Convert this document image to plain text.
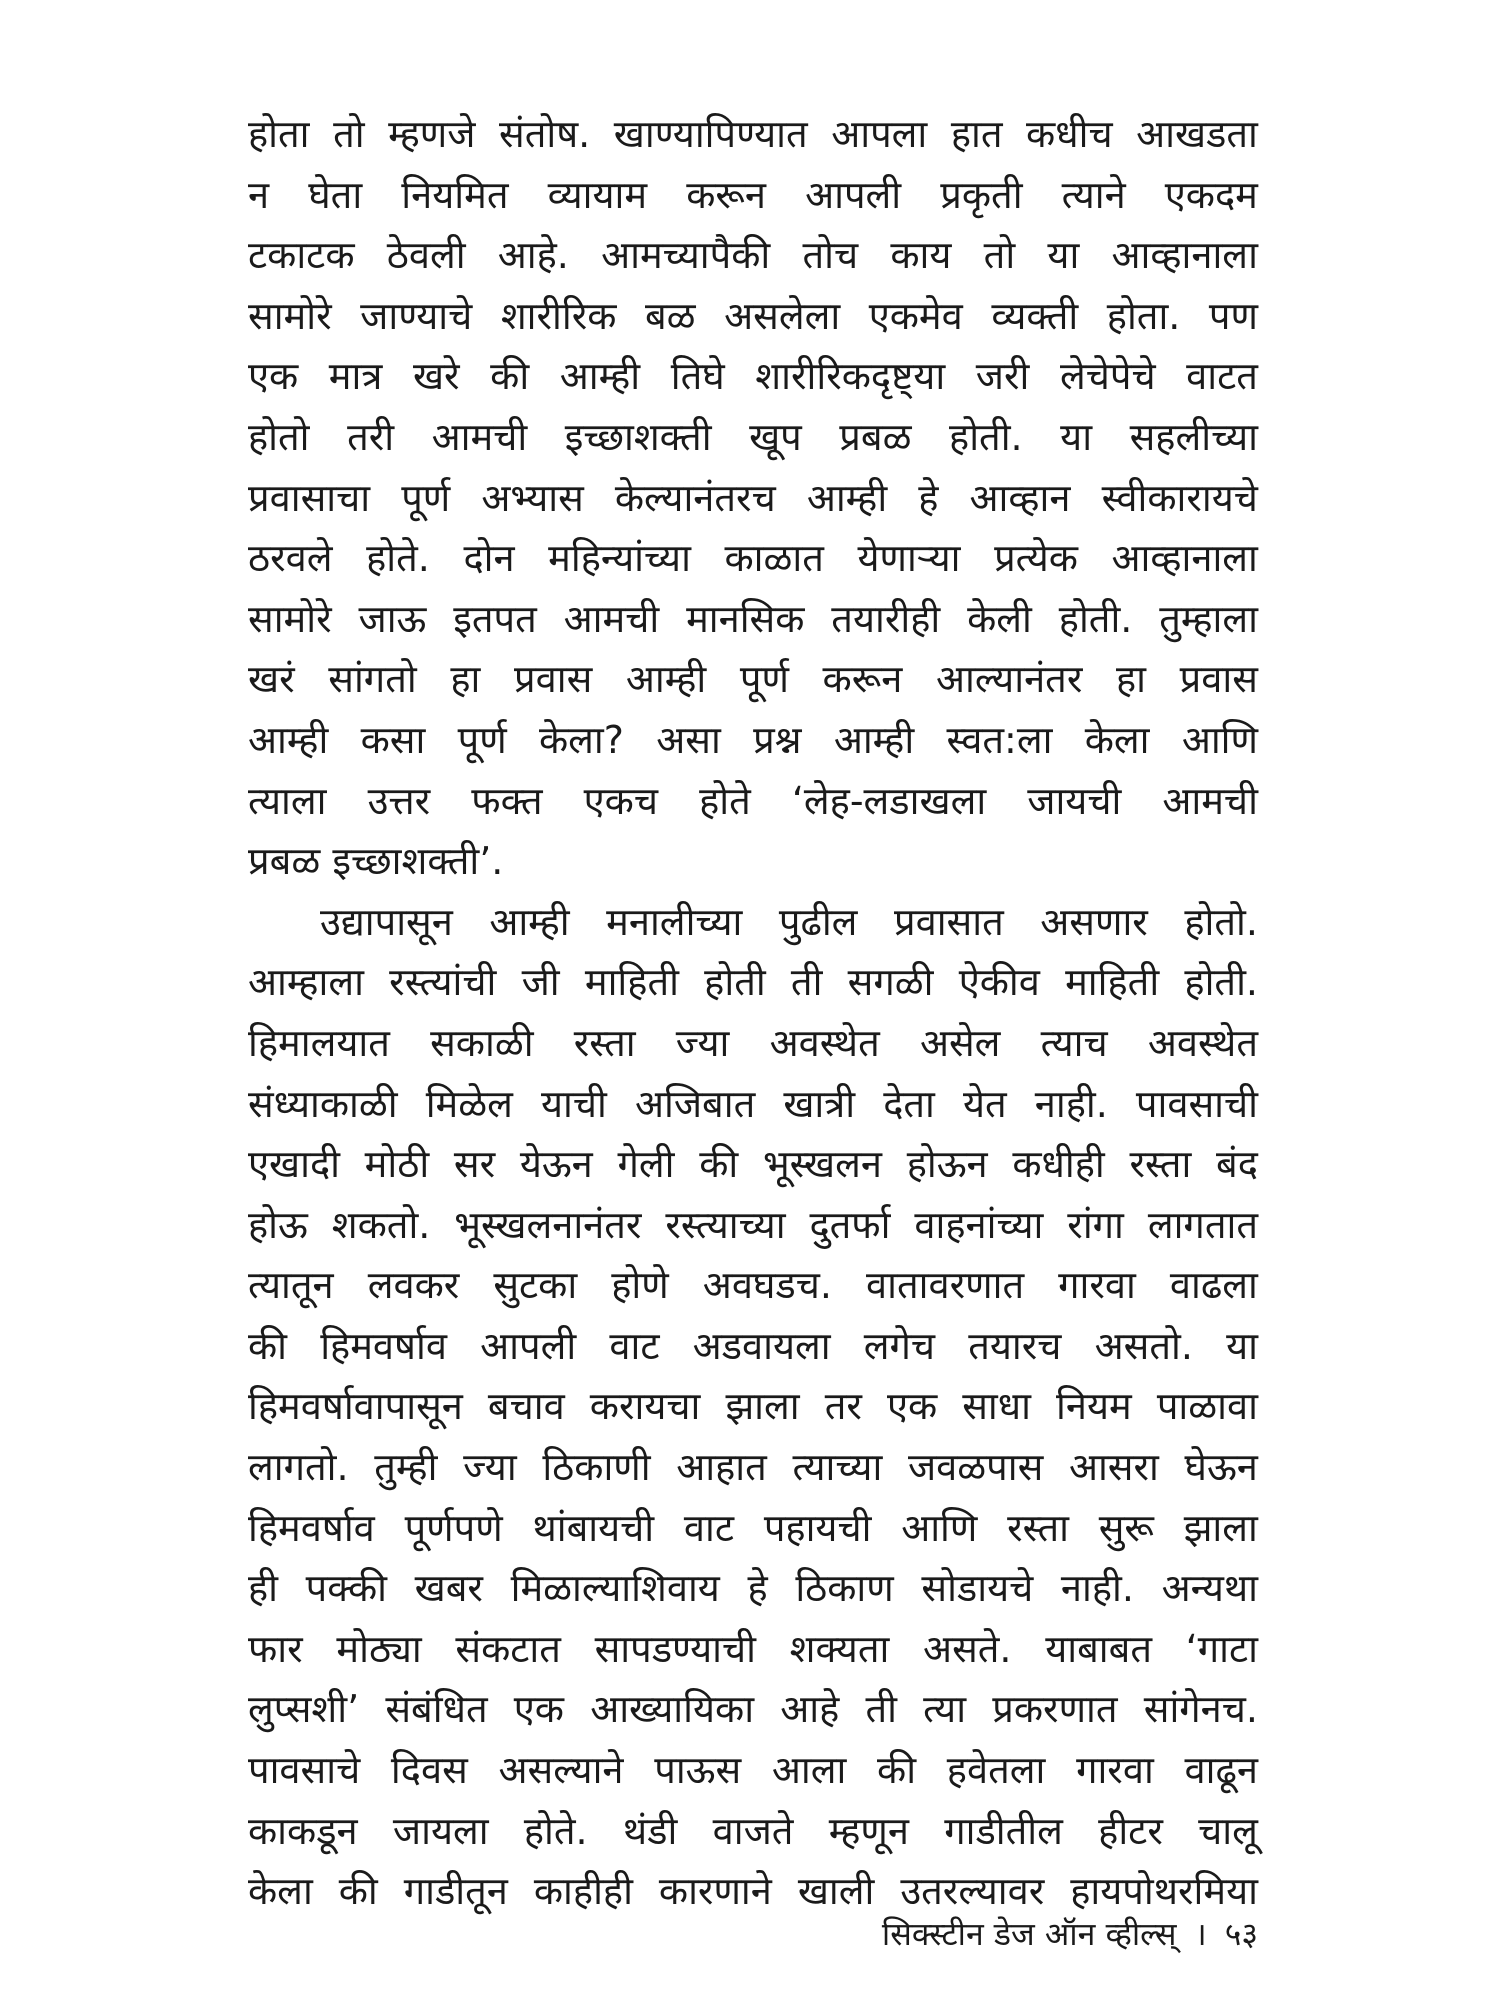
होता तो म्हणजे संतोष. खाण्यापिण्यात आपला हात कधीच आखडता
न घेता नियमित व्यायाम करून आपली प्रकृती त्याने एकदम
टकाटक ठेवली आहे. आमच्यापैकी तोच काय तो या आव्हानाला
सामोरे जाण्याचे शारीरिक बळ असलेला एकमेव व्यक्ती होता. पण
एक मात्र खरे की आम्ही तिघे शारीरिकदृष्ट्या जरी लेचेपेचे वाटत
होतो तरी आमची इच्छाशक्ती खूप प्रबळ होती. या सहलीच्या
प्रवासाचा पूर्ण अभ्यास केल्यानंतरच आम्ही हे आव्हान स्वीकारायचे
ठरवले होते. दोन महिन्यांच्या काळात येणाऱ्या प्रत्येक आव्हानाला
सामोरे जाऊ इतपत आमची मानसिक तयारीही केली होती. तुम्हाला
खरं सांगतो हा प्रवास आम्ही पूर्ण करून आल्यानंतर हा प्रवास
आम्ही कसा पूर्ण केला? असा प्रश्न आम्ही स्वत:ला केला आणि
त्याला उत्तर फक्त एकच होते ‘लेह-लडाखला जायची आमची
प्रबळ इच्छाशक्ती’.
उद्यापासून आम्ही मनालीच्या पुढील प्रवासात असणार होतो.
आम्हाला रस्त्यांची जी माहिती होती ती सगळी ऐकीव माहिती होती.
हिमालयात सकाळी रस्ता ज्या अवस्थेत असेल त्याच अवस्थेत
संध्याकाळी मिळेल याची अजिबात खात्री देता येत नाही. पावसाची
एखादी मोठी सर येऊन गेली की भूस्खलन होऊन कधीही रस्ता बंद
होऊ शकतो. भूस्खलनानंतर रस्त्याच्या दुतर्फा वाहनांच्या रांगा लागतात
त्यातून लवकर सुटका होणे अवघडच. वातावरणात गारवा वाढला
की हिमवर्षाव आपली वाट अडवायला लगेच तयारच असतो. या
हिमवर्षावापासून बचाव करायचा झाला तर एक साधा नियम पाळावा
लागतो. तुम्ही ज्या ठिकाणी आहात त्याच्या जवळपास आसरा घेऊन
हिमवर्षाव पूर्णपणे थांबायची वाट पहायची आणि रस्ता सुरू झाला
ही पक्की खबर मिळाल्याशिवाय हे ठिकाण सोडायचे नाही. अन्यथा
फार मोठ्या संकटात सापडण्याची शक्यता असते. याबाबत ‘गाटा
लुप्सशी’ संबंधित एक आख्यायिका आहे ती त्या प्रकरणात सांगेनच.
पावसाचे दिवस असल्याने पाऊस आला की हवेतला गारवा वाढून
काकडून जायला होते. थंडी वाजते म्हणून गाडीतील हीटर चालू
केला की गाडीतून काहीही कारणाने खाली उतरल्यावर हायपोथरमिया
सिक्स्टीन डेज ऑन व्हील्स् । ५३
